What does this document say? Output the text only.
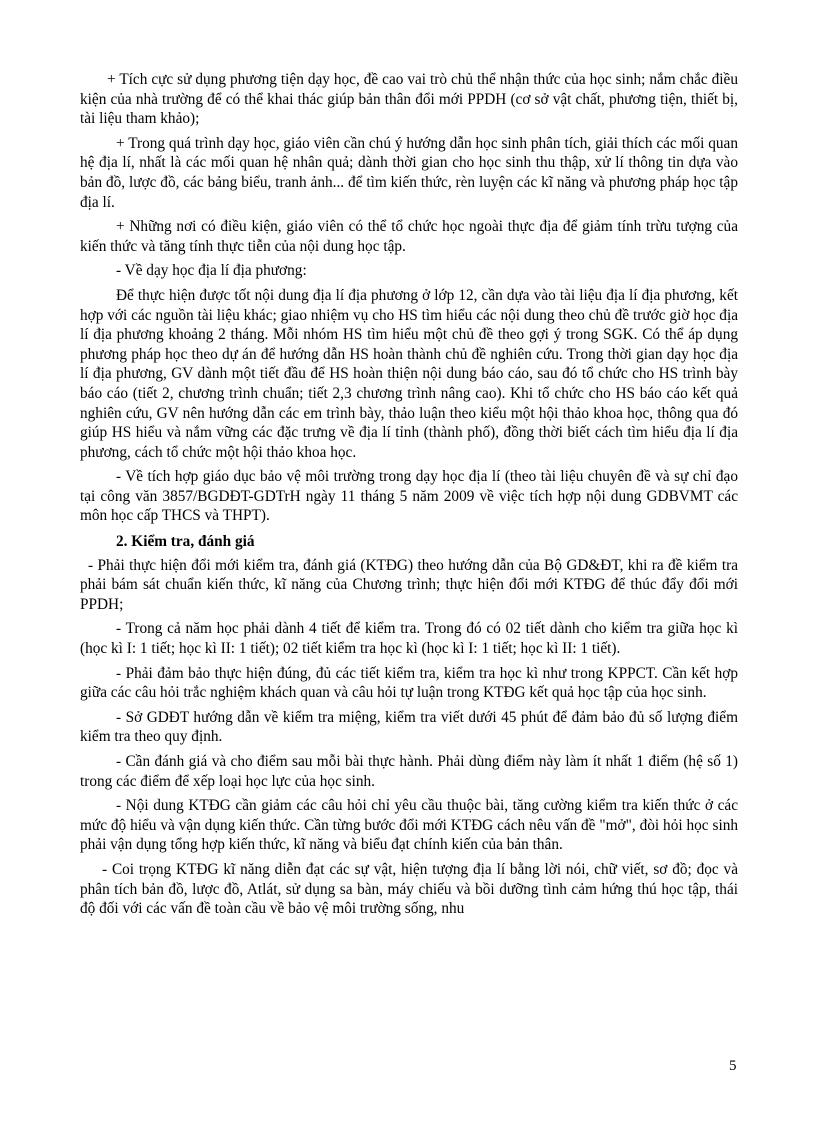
+ Tích cực sử dụng phương tiện dạy học, đề cao vai trò chủ thể nhận thức của học sinh; nắm chắc điều kiện của nhà trường để có thể khai thác giúp bản thân đổi mới PPDH (cơ sở vật chất, phương tiện, thiết bị, tài liệu tham khảo);

+ Trong quá trình dạy học, giáo viên cần chú ý hướng dẫn học sinh phân tích, giải thích các mối quan hệ địa lí, nhất là các mối quan hệ nhân quả; dành thời gian cho học sinh thu thập, xử lí thông tin dựa vào bản đồ, lược đồ, các bảng biểu, tranh ảnh... để tìm kiến thức, rèn luyện các kĩ năng và phương pháp học tập địa lí.

+ Những nơi có điều kiện, giáo viên có thể tổ chức học ngoài thực địa để giảm tính trừu tượng của kiến thức và tăng tính thực tiễn của nội dung học tập.

- Về dạy học địa lí địa phương:

Để thực hiện được tốt nội dung địa lí địa phương ở lớp 12, cần dựa vào tài liệu địa lí địa phương, kết hợp với các nguồn tài liệu khác; giao nhiệm vụ cho HS tìm hiểu các nội dung theo chủ đề trước giờ học địa lí địa phương khoảng 2 tháng. Mỗi nhóm HS tìm hiểu một chủ đề theo gợi ý trong SGK. Có thể áp dụng phương pháp học theo dự án để hướng dẫn HS hoàn thành chủ đề nghiên cứu. Trong thời gian dạy học địa lí địa phương, GV dành một tiết đầu để HS hoàn thiện nội dung báo cáo, sau đó tổ chức cho HS trình bày báo cáo (tiết 2, chương trình chuẩn; tiết 2,3 chương trình nâng cao). Khi tổ chức cho HS báo cáo kết quả nghiên cứu, GV nên hướng dẫn các em trình bày, thảo luận theo kiểu một hội thảo khoa học, thông qua đó giúp HS hiểu và nắm vững các đặc trưng về địa lí tỉnh (thành phố), đồng thời biết cách tìm hiểu địa lí địa phương, cách tổ chức một hội thảo khoa học.

- Về tích hợp giáo dục bảo vệ môi trường trong dạy học địa lí (theo tài liệu chuyên đề và sự chỉ đạo tại công văn 3857/BGDĐT-GDTrH ngày 11 tháng 5 năm 2009 về việc tích hợp nội dung GDBVMT các môn học cấp THCS và THPT).

2. Kiểm tra, đánh giá

- Phải thực hiện đổi mới kiểm tra, đánh giá (KTĐG) theo hướng dẫn của Bộ GD&ĐT, khi ra đề kiểm tra phải bám sát chuẩn kiến thức, kĩ năng của Chương trình; thực hiện đổi mới KTĐG để thúc đẩy đổi mới PPDH;

- Trong cả năm học phải dành 4 tiết để kiểm tra. Trong đó có 02 tiết dành cho kiểm tra giữa học kì (học kì I: 1 tiết; học kì II: 1 tiết); 02 tiết kiểm tra học kì (học kì I: 1 tiết; học kì II: 1 tiết).

- Phải đảm bảo thực hiện đúng, đủ các tiết kiểm tra, kiểm tra học kì như trong KPPCT. Cần kết hợp giữa các câu hỏi trắc nghiệm khách quan và câu hỏi tự luận trong KTĐG kết quả học tập của học sinh.

- Sở GDĐT hướng dẫn về kiểm tra miệng, kiểm tra viết dưới 45 phút để đảm bảo đủ số lượng điểm kiểm tra theo quy định.

- Cần đánh giá và cho điểm sau mỗi bài thực hành. Phải dùng điểm này làm ít nhất 1 điểm (hệ số 1) trong các điểm để xếp loại học lực của học sinh.

- Nội dung KTĐG cần giảm các câu hỏi chỉ yêu cầu thuộc bài, tăng cường kiểm tra kiến thức ở các mức độ hiểu và vận dụng kiến thức. Cần từng bước đổi mới KTĐG cách nêu vấn đề "mở", đòi hỏi học sinh phải vận dụng tổng hợp kiến thức, kĩ năng và biểu đạt chính kiến của bản thân.

- Coi trọng KTĐG kĩ năng diễn đạt các sự vật, hiện tượng địa lí bằng lời nói, chữ viết, sơ đồ; đọc và phân tích bản đồ, lược đồ, Atlát, sử dụng sa bàn, máy chiếu và bồi dưỡng tình cảm hứng thú học tập, thái độ đối với các vấn đề toàn cầu về bảo vệ môi trường sống, nhu

5
